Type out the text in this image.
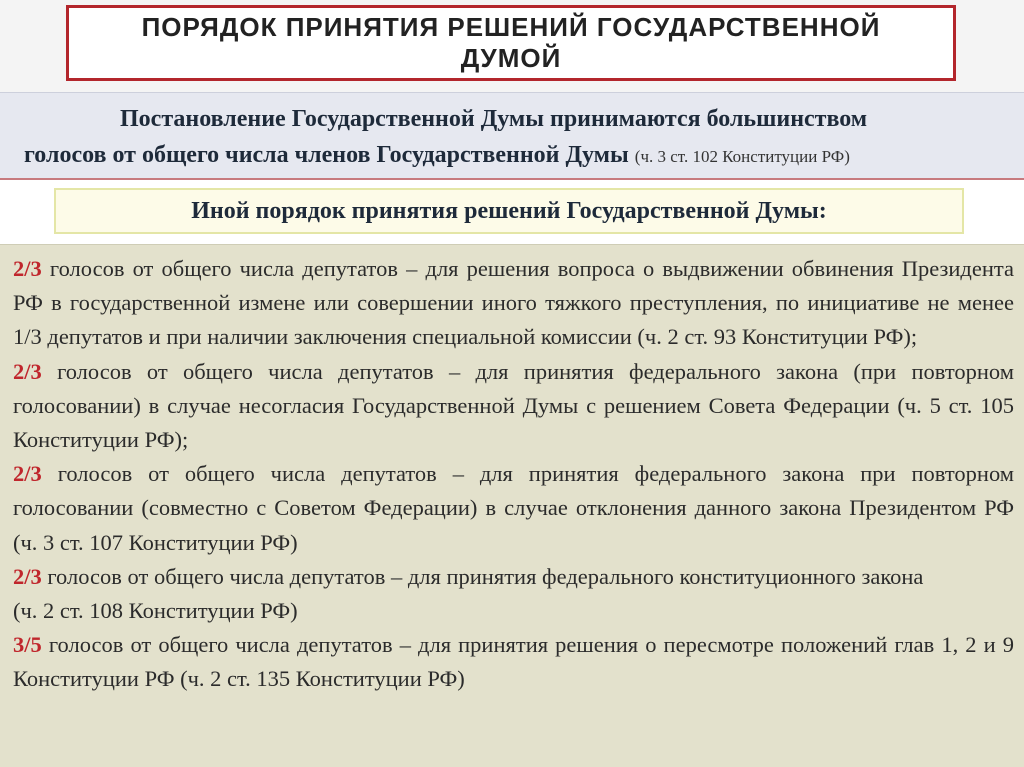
ПОРЯДОК ПРИНЯТИЯ РЕШЕНИЙ ГОСУДАРСТВЕННОЙ ДУМОЙ
Постановление Государственной Думы принимаются большинством
голосов от общего числа членов Государственной Думы (ч. 3 ст. 102 Конституции РФ)
Иной порядок принятия решений Государственной Думы:

2/3 голосов от общего числа депутатов – для решения вопроса о выдвижении обвинения Президента РФ в государственной измене или совершении иного тяжкого преступления, по инициативе не менее 1/3 депутатов и при наличии заключения специальной комиссии (ч. 2 ст. 93 Конституции РФ);

2/3 голосов от общего числа депутатов – для принятия федерального закона (при повторном голосовании) в случае несогласия Государственной Думы с решением Совета Федерации (ч. 5 ст. 105 Конституции РФ);

2/3 голосов от общего числа депутатов – для принятия федерального закона при повторном голосовании (совместно с Советом Федерации) в случае отклонения данного закона Президентом РФ (ч. 3 ст. 107 Конституции РФ)

2/3 голосов от общего числа депутатов – для принятия федерального конституционного закона
(ч. 2 ст. 108 Конституции РФ)

3/5 голосов от общего числа депутатов – для принятия решения о пересмотре положений глав 1, 2 и 9 Конституции РФ (ч. 2 ст. 135 Конституции РФ)
